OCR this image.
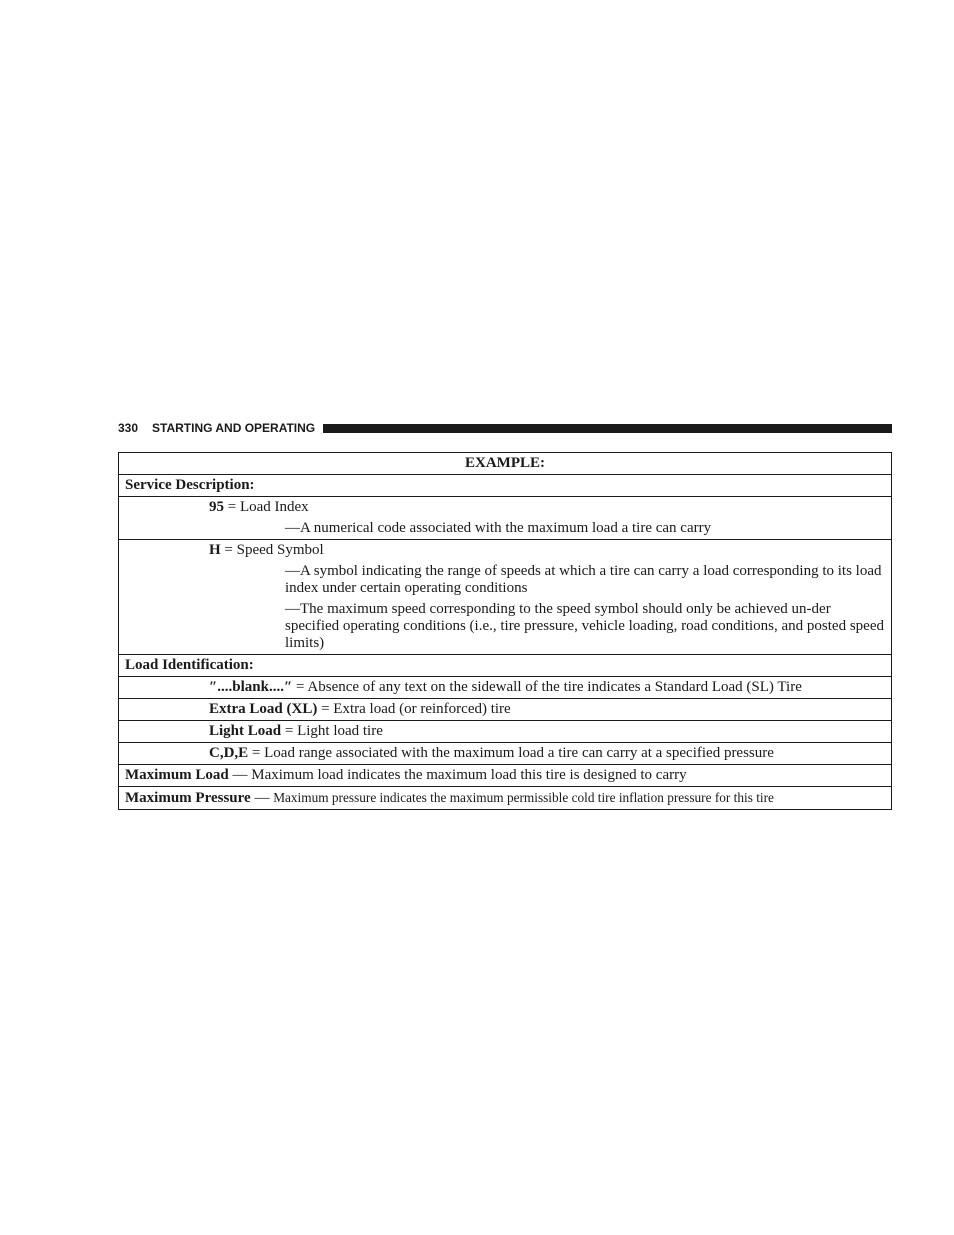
330 STARTING AND OPERATING
EXAMPLE:
Service Description:

95 = Load Index
—A numerical code associated with the maximum load a tire can carry

H = Speed Symbol
—A symbol indicating the range of speeds at which a tire can carry a load corresponding to its load index under certain operating conditions
—The maximum speed corresponding to the speed symbol should only be achieved un-der specified operating conditions (i.e., tire pressure, vehicle loading, road conditions, and posted speed limits)

Load Identification:

″....blank....″ = Absence of any text on the sidewall of the tire indicates a Standard Load (SL) Tire

Extra Load (XL) = Extra load (or reinforced) tire

Light Load = Light load tire

C,D,E = Load range associated with the maximum load a tire can carry at a specified pressure

Maximum Load — Maximum load indicates the maximum load this tire is designed to carry
Maximum Pressure — Maximum pressure indicates the maximum permissible cold tire inflation pressure for this tire
